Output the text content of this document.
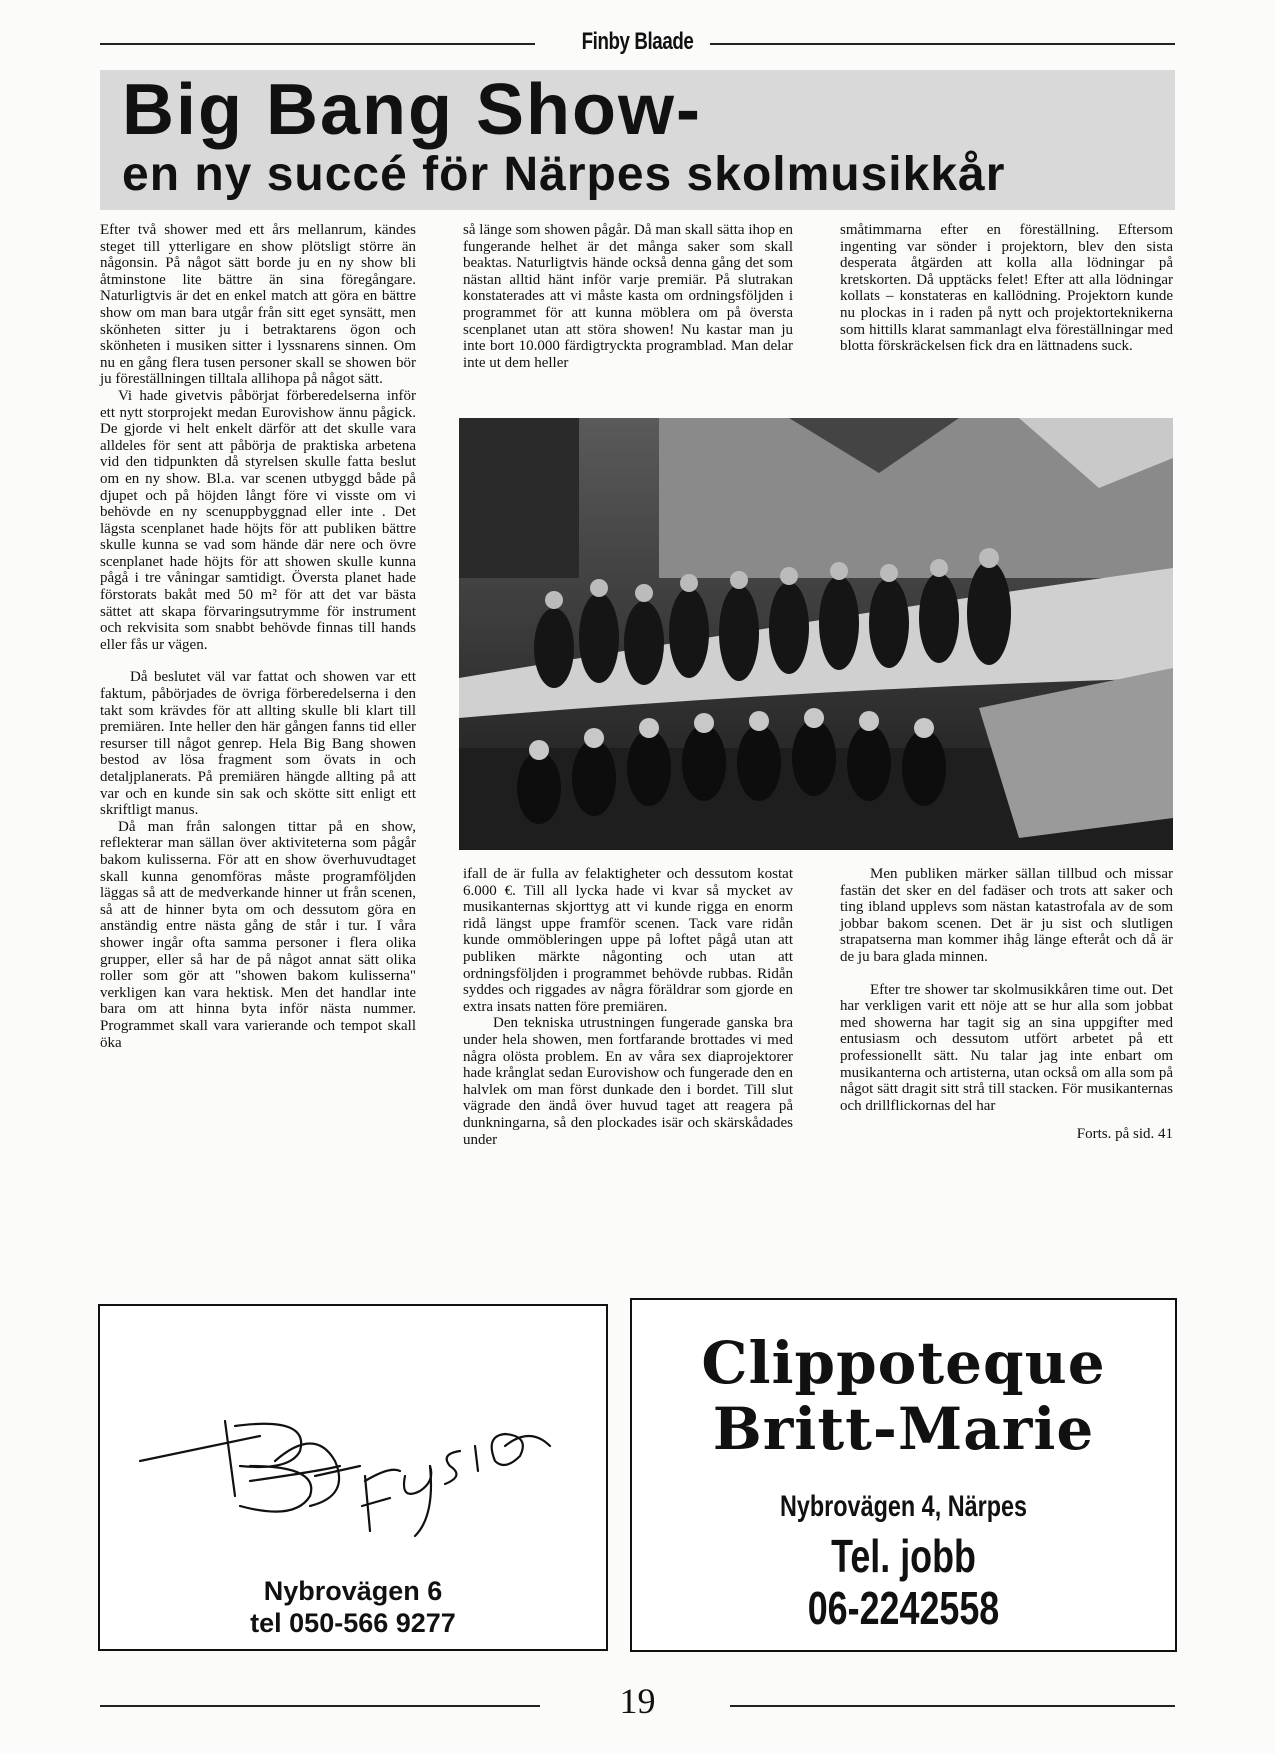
Finby Blaade
Big Bang Show-
en ny succé för Närpes skolmusikkår

Efter två shower med ett års mellanrum, kändes steget till ytterligare en show plötsligt större än någonsin. På något sätt borde ju en ny show bli åtminstone lite bättre än sina föregångare. Naturligtvis är det en enkel match att göra en bättre show om man bara utgår från sitt eget synsätt, men skönheten sitter ju i betraktarens ögon och skönheten i musiken sitter i lyssnarens sinnen. Om nu en gång flera tusen personer skall se showen bör ju föreställningen tilltala allihopa på något sätt.

Vi hade givetvis påbörjat förberedelserna inför ett nytt storprojekt medan Eurovishow ännu pågick. De gjorde vi helt enkelt därför att det skulle vara alldeles för sent att påbörja de praktiska arbetena vid den tidpunkten då styrelsen skulle fatta beslut om en ny show. Bl.a. var scenen utbyggd både på djupet och på höjden långt före vi visste om vi behövde en ny scenuppbyggnad eller inte . Det lägsta scenplanet hade höjts för att publiken bättre skulle kunna se vad som hände där nere och övre scenplanet hade höjts för att showen skulle kunna pågå i tre våningar samtidigt. Översta planet hade förstorats bakåt med 50 m² för att det var bästa sättet att skapa förvaringsutrymme för instrument och rekvisita som snabbt behövde finnas till hands eller fås ur vägen.

Då beslutet väl var fattat och showen var ett faktum, påbörjades de övriga förberedelserna i den takt som krävdes för att allting skulle bli klart till premiären. Inte heller den här gången fanns tid eller resurser till något genrep. Hela Big Bang showen bestod av lösa fragment som övats in och detaljplanerats. På premiären hängde allting på att var och en kunde sin sak och skötte sitt enligt ett skriftligt manus.

Då man från salongen tittar på en show, reflekterar man sällan över aktiviteterna som pågår bakom kulisserna. För att en show överhuvudtaget skall kunna genomföras måste programföljden läggas så att de medverkande hinner ut från scenen, så att de hinner byta om och dessutom göra en anständig entre nästa gång de står i tur. I våra shower ingår ofta samma personer i flera olika grupper, eller så har de på något annat sätt olika roller som gör att "showen bakom kulisserna" verkligen kan vara hektisk. Men det handlar inte bara om att hinna byta inför nästa nummer. Programmet skall vara varierande och tempot skall öka

så länge som showen pågår. Då man skall sätta ihop en fungerande helhet är det många saker som skall beaktas. Naturligtvis hände också denna gång det som nästan alltid hänt inför varje premiär. På slutrakan konstaterades att vi måste kasta om ordningsföljden i programmet för att kunna möblera om på översta scenplanet utan att störa showen! Nu kastar man ju inte bort 10.000 färdigtryckta programblad. Man delar inte ut dem heller

småtimmarna efter en föreställning. Eftersom ingenting var sönder i projektorn, blev den sista desperata åtgärden att kolla alla lödningar på kretskorten. Då upptäcks felet! Efter att alla lödningar kollats – konstateras en kallödning. Projektorn kunde nu plockas in i raden på nytt och projektorteknikerna som hittills klarat sammanlagt elva föreställningar med blotta förskräckelsen fick dra en lättnadens suck.

ifall de är fulla av felaktigheter och dessutom kostat 6.000 €. Till all lycka hade vi kvar så mycket av musikanternas skjorttyg att vi kunde rigga en enorm ridå längst uppe framför scenen. Tack vare ridån kunde ommöbleringen uppe på loftet pågå utan att publiken märkte någonting och utan att ordningsföljden i programmet behövde rubbas. Ridån syddes och riggades av några föräldrar som gjorde en extra insats natten före premiären.

Den tekniska utrustningen fungerade ganska bra under hela showen, men fortfarande brottades vi med några olösta problem. En av våra sex diaprojektorer hade krånglat sedan Eurovishow och fungerade den en halvlek om man först dunkade den i bordet. Till slut vägrade den ändå över huvud taget att reagera på dunkningarna, så den plockades isär och skärskådades under

Men publiken märker sällan tillbud och missar fastän det sker en del fadäser och trots att saker och ting ibland upplevs som nästan katastrofala av de som jobbar bakom scenen. Det är ju sist och slutligen strapatserna man kommer ihåg länge efteråt och då är de ju bara glada minnen.

Efter tre shower tar skolmusikkåren time out. Det har verkligen varit ett nöje att se hur alla som jobbat med showerna har tagit sig an sina uppgifter med entusiasm och dessutom utfört arbetet på ett professionellt sätt. Nu talar jag inte enbart om musikanterna och artisterna, utan också om alla som på något sätt dragit sitt strå till stacken. För musikanternas och drillflickornas del har

Forts. på sid. 41

Nybrovägen 6
tel 050-566 9277
Clippoteque
Britt-Marie
Nybrovägen 4, Närpes
Tel. jobb
06-2242558
19
